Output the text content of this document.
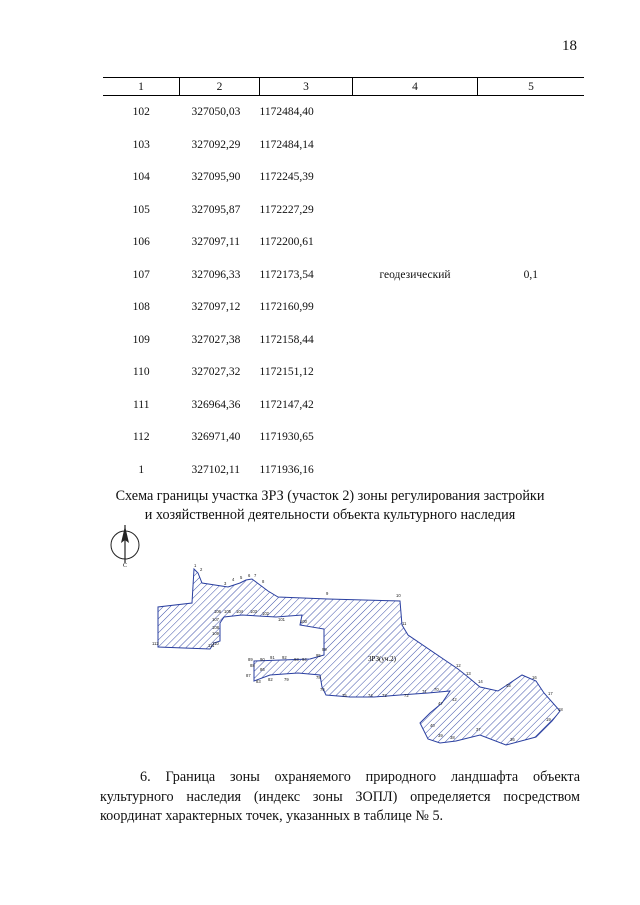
18
1	2	3	4	5
102	327050,03	1172484,40		
103	327092,29	1172484,14		
104	327095,90	1172245,39		
105	327095,87	1172227,29		
106	327097,11	1172200,61		
107	327096,33	1172173,54	геодезический	0,1
108	327097,12	1172160,99		
109	327027,38	1172158,44		
110	327027,32	1172151,12		
111	326964,36	1172147,42		
112	326971,40	1171930,65		
1	327102,11	1171936,16		
Схема границы участка ЗРЗ (участок 2) зоны регулирования застройки
и хозяйственной деятельности объекта культурного наследия
С
ЗРЗ(уч.2)
1
2
3
4 5 6 7
8
9	10
11
12
13
14
15
16
17
18
19
36
37
38
39
40
42
47
70
71
72
73
74
75
76
78
79
82
83
86
87
88
89 90 91 92 93 94
95
99
100
101
102
103
104
105
106
107
108
109
110
111
112
6. Граница зоны охраняемого природного ландшафта объекта
культурного наследия (индекс зоны ЗОПЛ) определяется посредством
координат характерных точек, указанных в таблице № 5.
